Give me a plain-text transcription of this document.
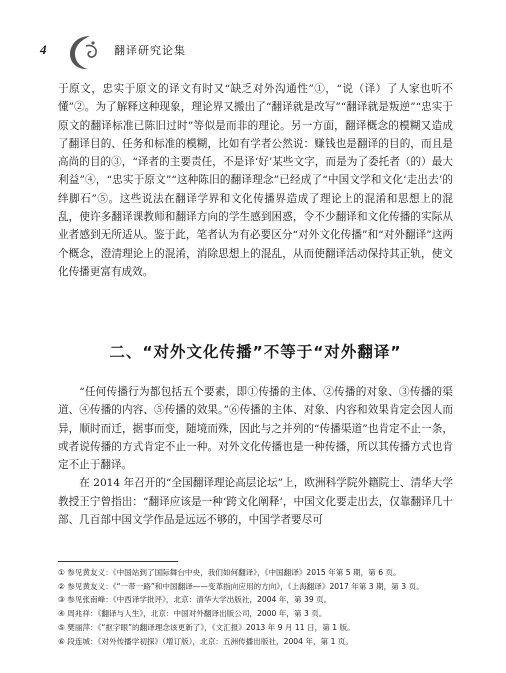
4	翻译研究论集

于原文，忠实于原文的译文有时又“缺乏对外沟通性”①，“说（译）了人家也听不懂”②。为了解释这种现象，理论界又搬出了“翻译就是改写”“翻译就是叛逆”“忠实于原文的翻译标准已陈旧过时”等似是而非的理论。另一方面，翻译概念的模糊又造成了翻译目的、任务和标准的模糊，比如有学者公然说：赚钱也是翻译的目的，而且是高尚的目的③，“译者的主要责任，不是译‘好’某些文字，而是为了委托者（的）最大利益”④，“忠实于原文”“这种陈旧的翻译理念”已经成了“中国文学和文化‘走出去’的绊脚石”⑤。这些说法在翻译学界和文化传播界造成了理论上的混淆和思想上的混乱，使许多翻译课教师和翻译方向的学生感到困惑，令不少翻译和文化传播的实际从业者感到无所适从。鉴于此，笔者认为有必要区分“对外文化传播”和“对外翻译”这两个概念，澄清理论上的混淆，消除思想上的混乱，从而使翻译活动保持其正轨，使文化传播更富有成效。

二、“对外文化传播”不等于“对外翻译”

“任何传播行为都包括五个要素，即①传播的主体、②传播的对象、③传播的渠道、④传播的内容、⑤传播的效果。”⑥传播的主体、对象、内容和效果肯定会因人而异，顺时而迁，据事而变，随境而殊，因此与之并列的“传播渠道”也肯定不止一条，或者说传播的方式肯定不止一种。对外文化传播也是一种传播，所以其传播方式也肯定不止于翻译。

在 2014 年召开的“全国翻译理论高层论坛”上，欧洲科学院外籍院士、清华大学教授王宁曾指出：“翻译应该是一种‘跨文化阐释’，中国文化要走出去，仅靠翻译几十部、几百部中国文学作品是远远不够的，中国学者要尽可

① 参见黄友义：《中国站到了国际舞台中央，我们如何翻译》，《中国翻译》2015 年第 5 期，第 6 页。
② 参见黄友义：《“一带一路”和中国翻译——变革指向应用的方向》，《上海翻译》2017 年第 3 期，第 3 页。
③ 参见张南峰：《中西译学批评》，北京：清华大学出版社，2004 年，第 39 页。
④ 周兆祥：《翻译与人生》，北京：中国对外翻译出版公司，2000 年，第 3 页。
⑤ 樊丽萍：《“抠字眼”的翻译理念该更新了》，《文汇报》2013 年 9 月 11 日，第 1 版。
⑥ 段连城：《对外传播学初探》（增订版），北京：五洲传播出版社，2004 年，第 1 页。
